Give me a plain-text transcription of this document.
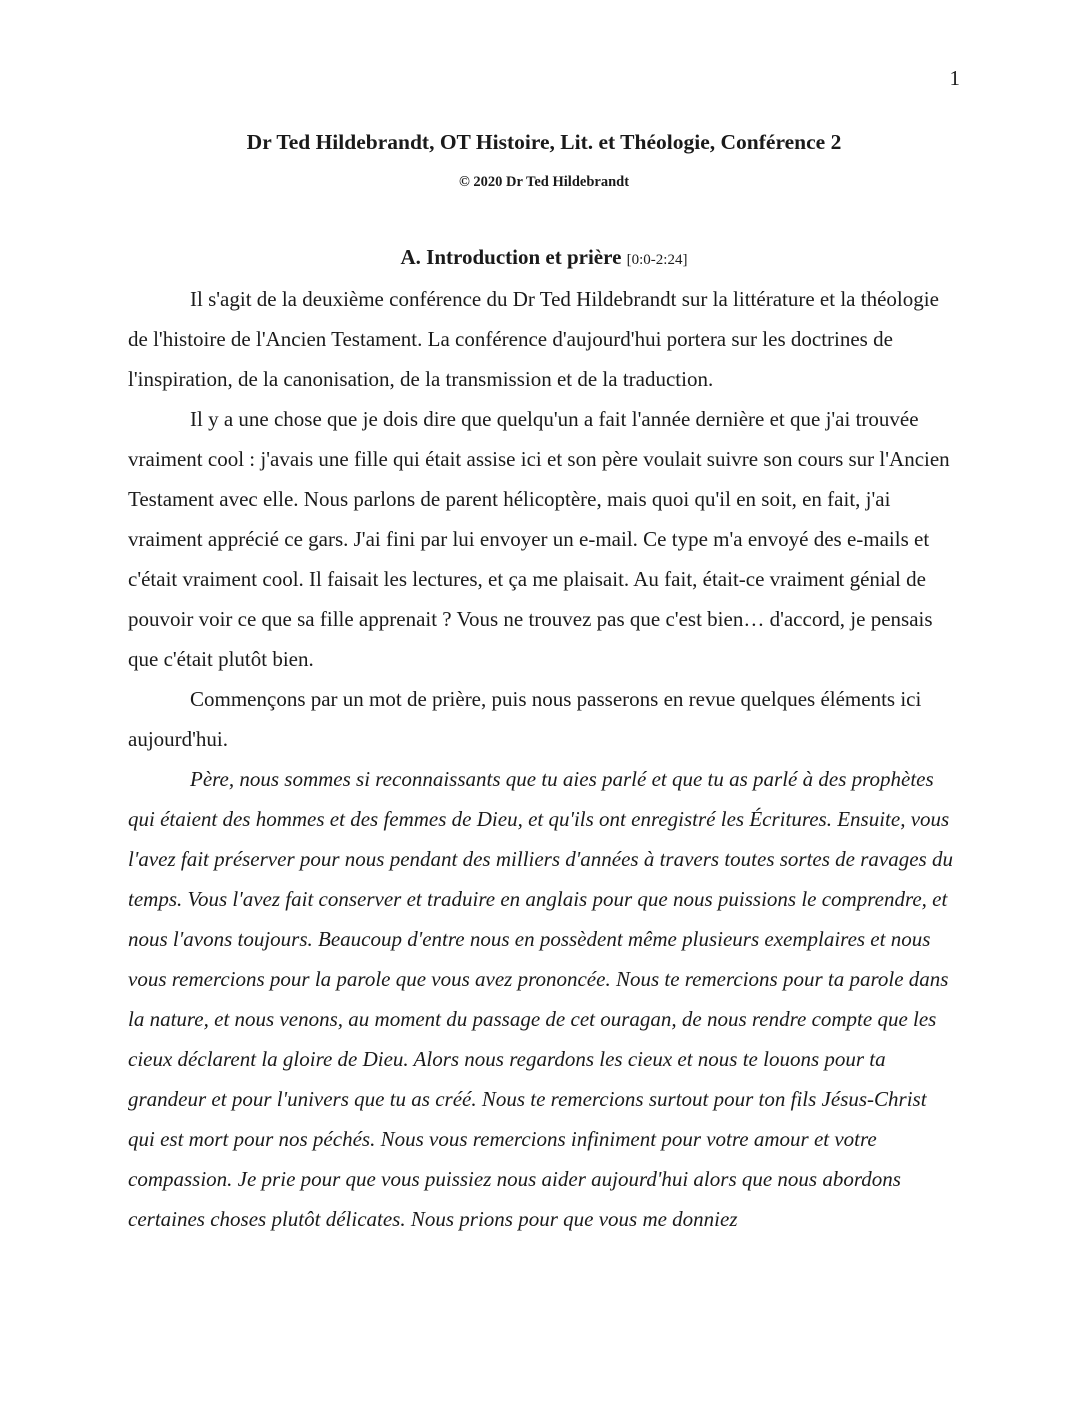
1
Dr Ted Hildebrandt, OT Histoire, Lit. et Théologie, Conférence 2
© 2020 Dr Ted Hildebrandt
A. Introduction et prière [0:0-2:24]

Il s'agit de la deuxième conférence du Dr Ted Hildebrandt sur la littérature et la théologie de l'histoire de l'Ancien Testament. La conférence d'aujourd'hui portera sur les doctrines de l'inspiration, de la canonisation, de la transmission et de la traduction.

Il y a une chose que je dois dire que quelqu'un a fait l'année dernière et que j'ai trouvée vraiment cool : j'avais une fille qui était assise ici et son père voulait suivre son cours sur l'Ancien Testament avec elle. Nous parlons de parent hélicoptère, mais quoi qu'il en soit, en fait, j'ai vraiment apprécié ce gars. J'ai fini par lui envoyer un e-mail. Ce type m'a envoyé des e-mails et c'était vraiment cool. Il faisait les lectures, et ça me plaisait. Au fait, était-ce vraiment génial de pouvoir voir ce que sa fille apprenait ? Vous ne trouvez pas que c'est bien… d'accord, je pensais que c'était plutôt bien.

Commençons par un mot de prière, puis nous passerons en revue quelques éléments ici aujourd'hui.

Père, nous sommes si reconnaissants que tu aies parlé et que tu as parlé à des prophètes qui étaient des hommes et des femmes de Dieu, et qu'ils ont enregistré les Écritures. Ensuite, vous l'avez fait préserver pour nous pendant des milliers d'années à travers toutes sortes de ravages du temps. Vous l'avez fait conserver et traduire en anglais pour que nous puissions le comprendre, et nous l'avons toujours. Beaucoup d'entre nous en possèdent même plusieurs exemplaires et nous vous remercions pour la parole que vous avez prononcée. Nous te remercions pour ta parole dans la nature, et nous venons, au moment du passage de cet ouragan, de nous rendre compte que les cieux déclarent la gloire de Dieu. Alors nous regardons les cieux et nous te louons pour ta grandeur et pour l'univers que tu as créé. Nous te remercions surtout pour ton fils Jésus-Christ qui est mort pour nos péchés. Nous vous remercions infiniment pour votre amour et votre compassion. Je prie pour que vous puissiez nous aider aujourd'hui alors que nous abordons certaines choses plutôt délicates. Nous prions pour que vous me donniez
